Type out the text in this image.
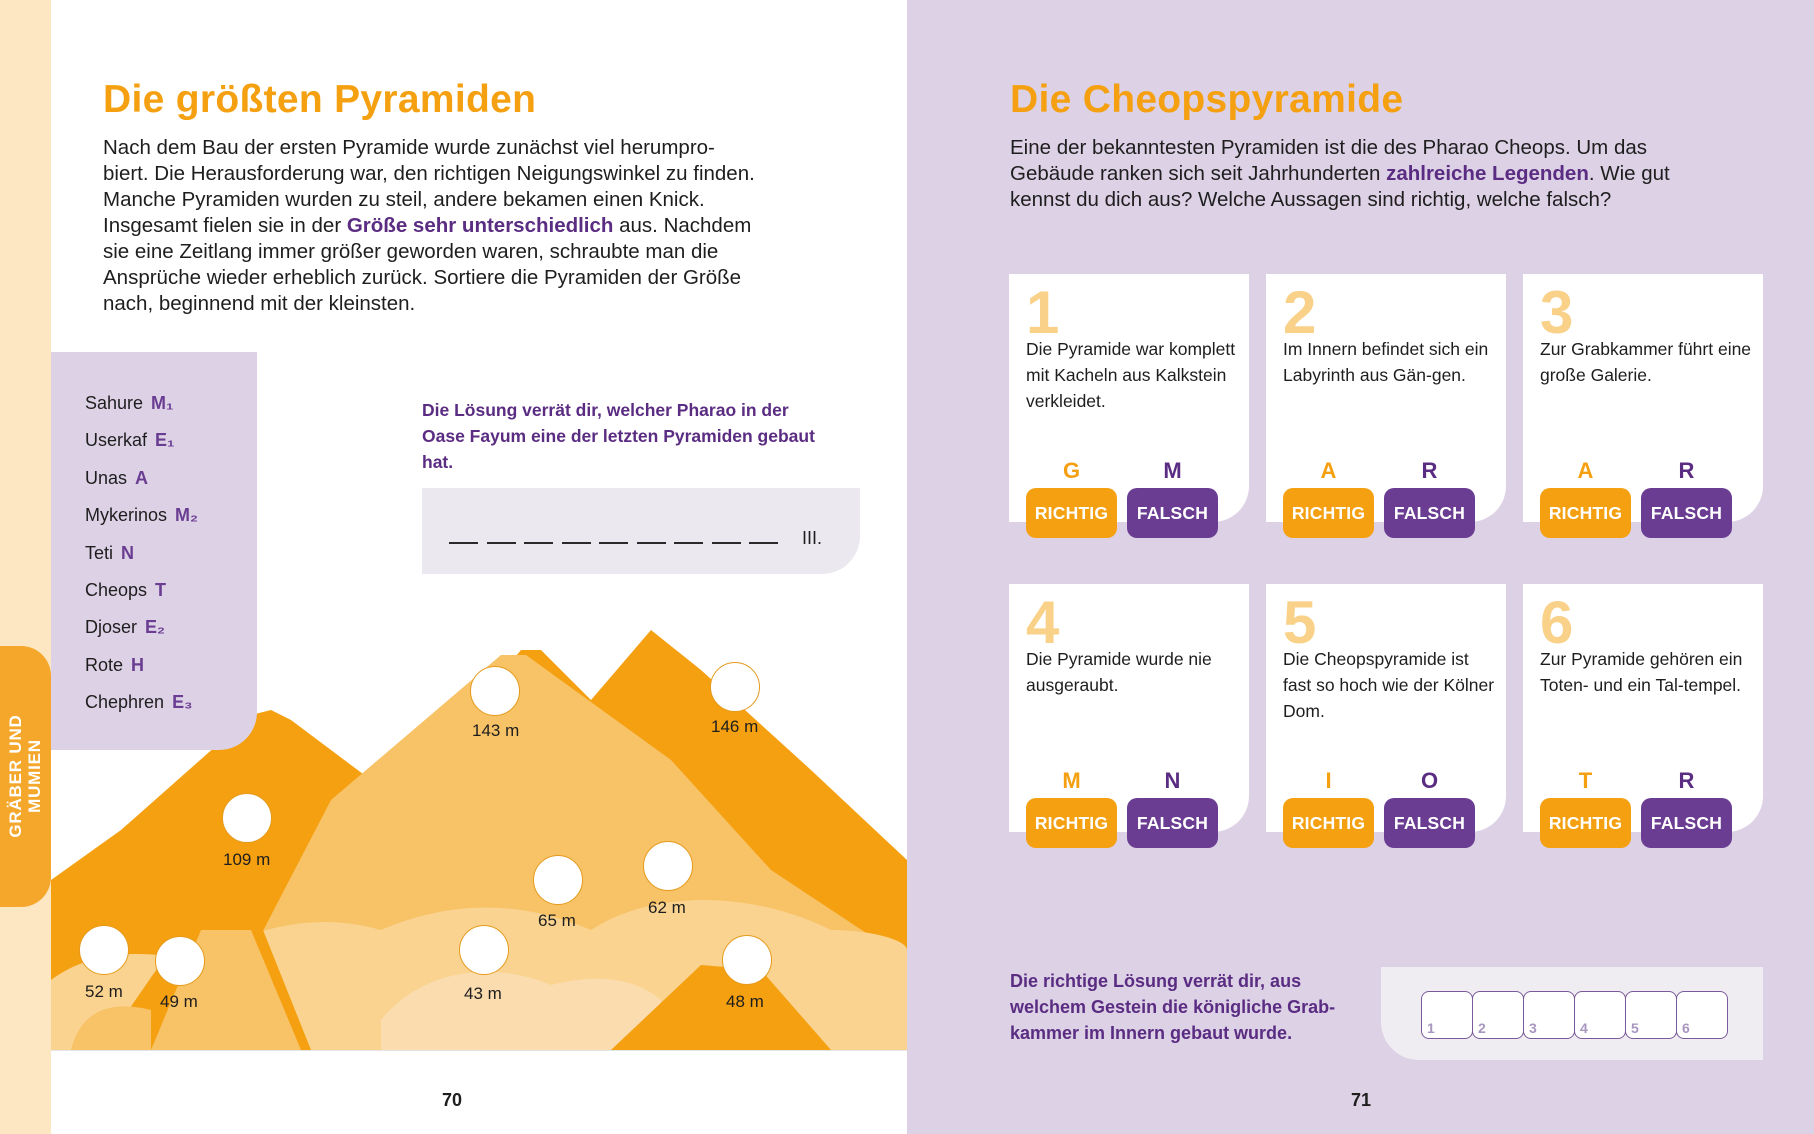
GRÄBER UND
MUMIEN
Die größten Pyramiden
Nach dem Bau der ersten Pyramide wurde zunächst viel herumpro-
biert. Die Herausforderung war, den richtigen Neigungswinkel zu finden.
Manche Pyramiden wurden zu steil, andere bekamen einen Knick.
Insgesamt fielen sie in der Größe sehr unterschiedlich aus. Nachdem
sie eine Zeitlang immer größer geworden waren, schraubte man die
Ansprüche wieder erheblich zurück. Sortiere die Pyramiden der Größe
nach, beginnend mit der kleinsten.
143 m	146 m
109 m
65 m
62 m
52 m
49 m	43 m	48 m
Sahure M₁
Userkaf E₁
Unas A
Mykerinos M₂
Teti N
Cheops T
Djoser E₂
Rote H
Chephren E₃
Die Lösung verrät dir, welcher Pharao in der Oase Fayum eine der letzten Pyramiden gebaut hat.
III.
70
Die Cheopspyramide
Eine der bekanntesten Pyramiden ist die des Pharao Cheops. Um das
Gebäude ranken sich seit Jahrhunderten zahlreiche Legenden. Wie gut
kennst du dich aus? Welche Aussagen sind richtig, welche falsch?
1
Die Pyramide war komplett mit Kacheln aus Kalkstein verkleidet.
G	M
RICHTIG	FALSCH
2
Im Innern befindet sich ein Labyrinth aus Gän-gen.
A	R
RICHTIG	FALSCH
3
Zur Grabkammer führt eine große Galerie.
A	R
RICHTIG	FALSCH
4
Die Pyramide wurde nie ausgeraubt.
M	N
RICHTIG	FALSCH
5
Die Cheopspyramide ist fast so hoch wie der Kölner Dom.
I	O
RICHTIG	FALSCH
6
Zur Pyramide gehören ein Toten- und ein Tal-tempel.
T	R
RICHTIG	FALSCH
Die richtige Lösung verrät dir, aus welchem Gestein die königliche Grab-kammer im Innern gebaut wurde.	1	2	3	4	5	6
71
